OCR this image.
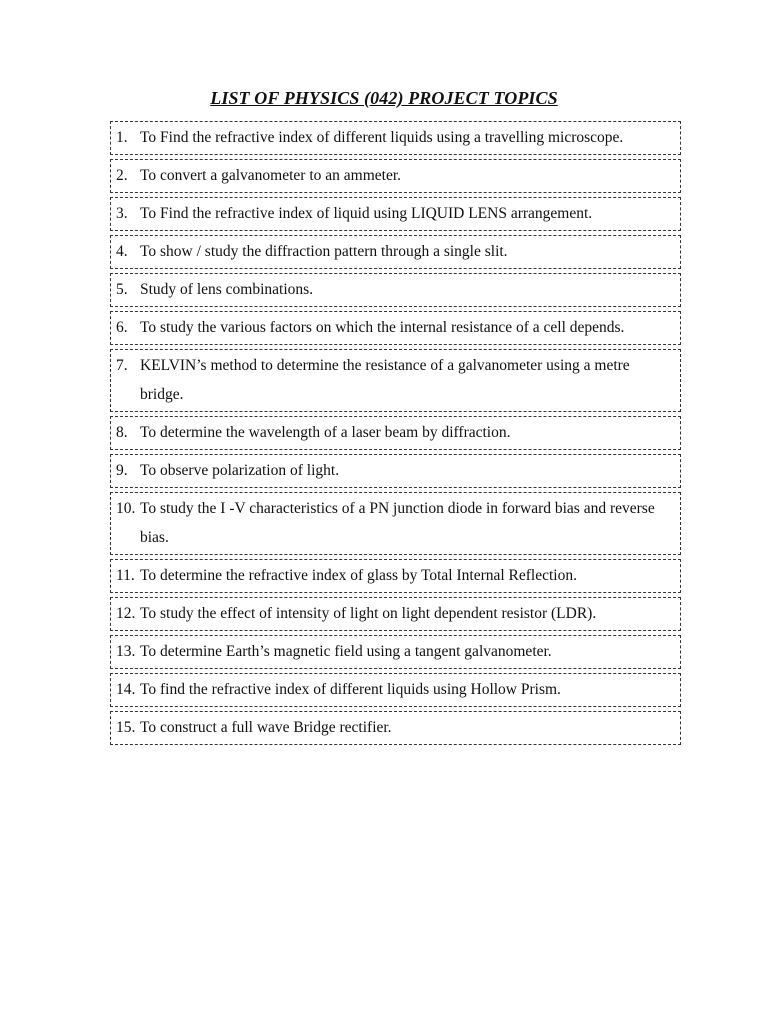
LIST OF PHYSICS (042) PROJECT TOPICS
1. To Find the refractive index of different liquids using a travelling microscope.
2. To convert a galvanometer to an ammeter.
3. To Find the refractive index of liquid using LIQUID LENS arrangement.
4. To show / study the diffraction pattern through a single slit.
5. Study of lens combinations.
6. To study the various factors on which the internal resistance of a cell depends.
7. KELVIN’s method to determine the resistance of a galvanometer using a metre bridge.
8. To determine the wavelength of a laser beam by diffraction.
9. To observe polarization of light.
10. To study the I -V characteristics of a PN junction diode in forward bias and reverse bias.
11. To determine the refractive index of glass by Total Internal Reflection.
12. To study the effect of intensity of light on light dependent resistor (LDR).
13. To determine Earth’s magnetic field using a tangent galvanometer.
14. To find the refractive index of different liquids using Hollow Prism.
15. To construct a full wave Bridge rectifier.
